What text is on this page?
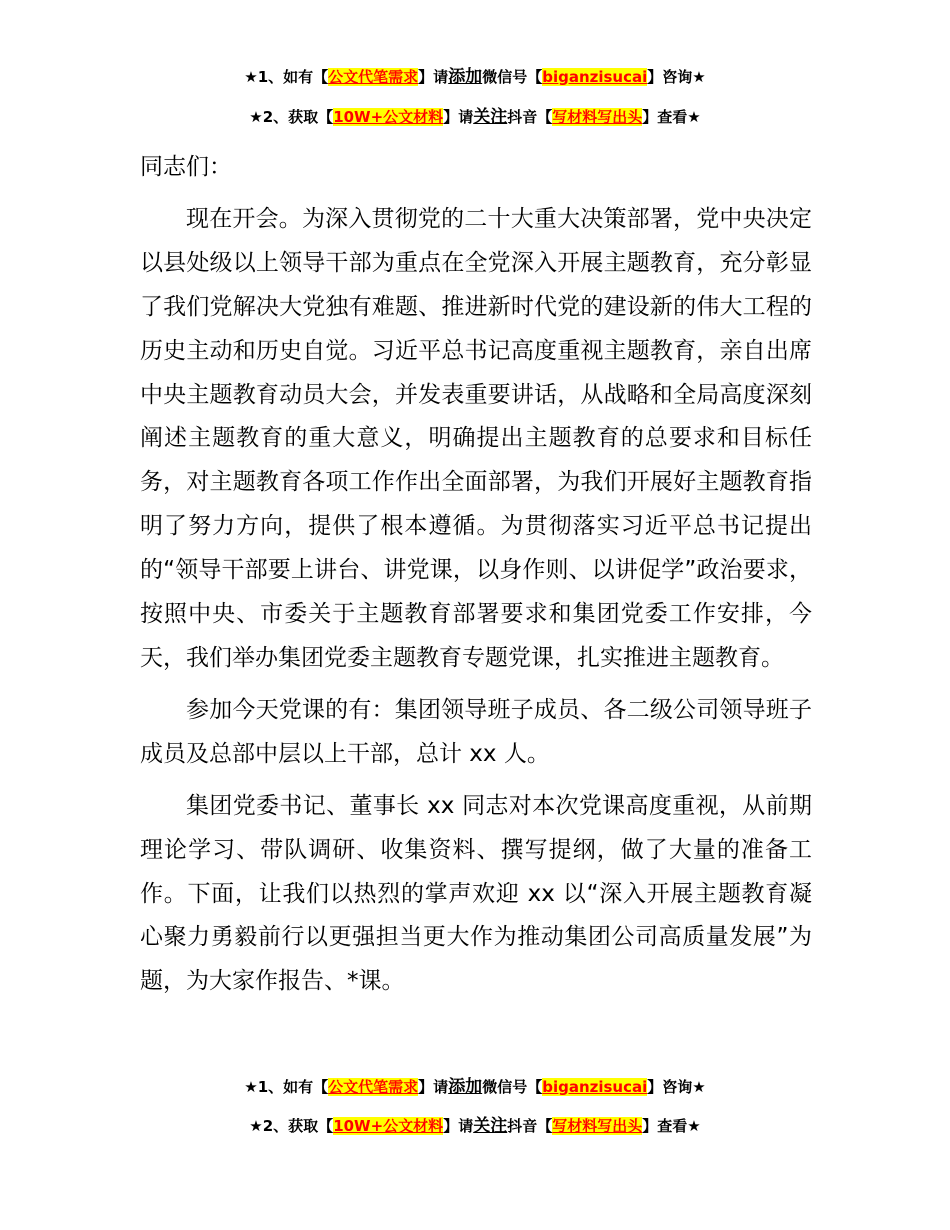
★1、如有【公文代笔需求】请添加微信号【biganzisucai】咨询★
★2、获取【10W+公文材料】请关注抖音【写材料写出头】查看★

同志们：

现在开会。为深入贯彻党的二十大重大决策部署，党中央决定以县处级以上领导干部为重点在全党深入开展主题教育，充分彰显了我们党解决大党独有难题、推进新时代党的建设新的伟大工程的历史主动和历史自觉。习近平总书记高度重视主题教育，亲自出席中央主题教育动员大会，并发表重要讲话，从战略和全局高度深刻阐述主题教育的重大意义，明确提出主题教育的总要求和目标任务，对主题教育各项工作作出全面部署，为我们开展好主题教育指明了努力方向，提供了根本遵循。为贯彻落实习近平总书记提出的“领导干部要上讲台、讲党课，以身作则、以讲促学”政治要求，按照中央、市委关于主题教育部署要求和集团党委工作安排，今天，我们举办集团党委主题教育专题党课，扎实推进主题教育。

参加今天党课的有：集团领导班子成员、各二级公司领导班子成员及总部中层以上干部，总计 xx 人。

集团党委书记、董事长 xx 同志对本次党课高度重视，从前期理论学习、带队调研、收集资料、撰写提纲，做了大量的准备工作。下面，让我们以热烈的掌声欢迎 xx 以“深入开展主题教育凝心聚力勇毅前行以更强担当更大作为推动集团公司高质量发展”为题，为大家作报告、*课。

★1、如有【公文代笔需求】请添加微信号【biganzisucai】咨询★
★2、获取【10W+公文材料】请关注抖音【写材料写出头】查看★
